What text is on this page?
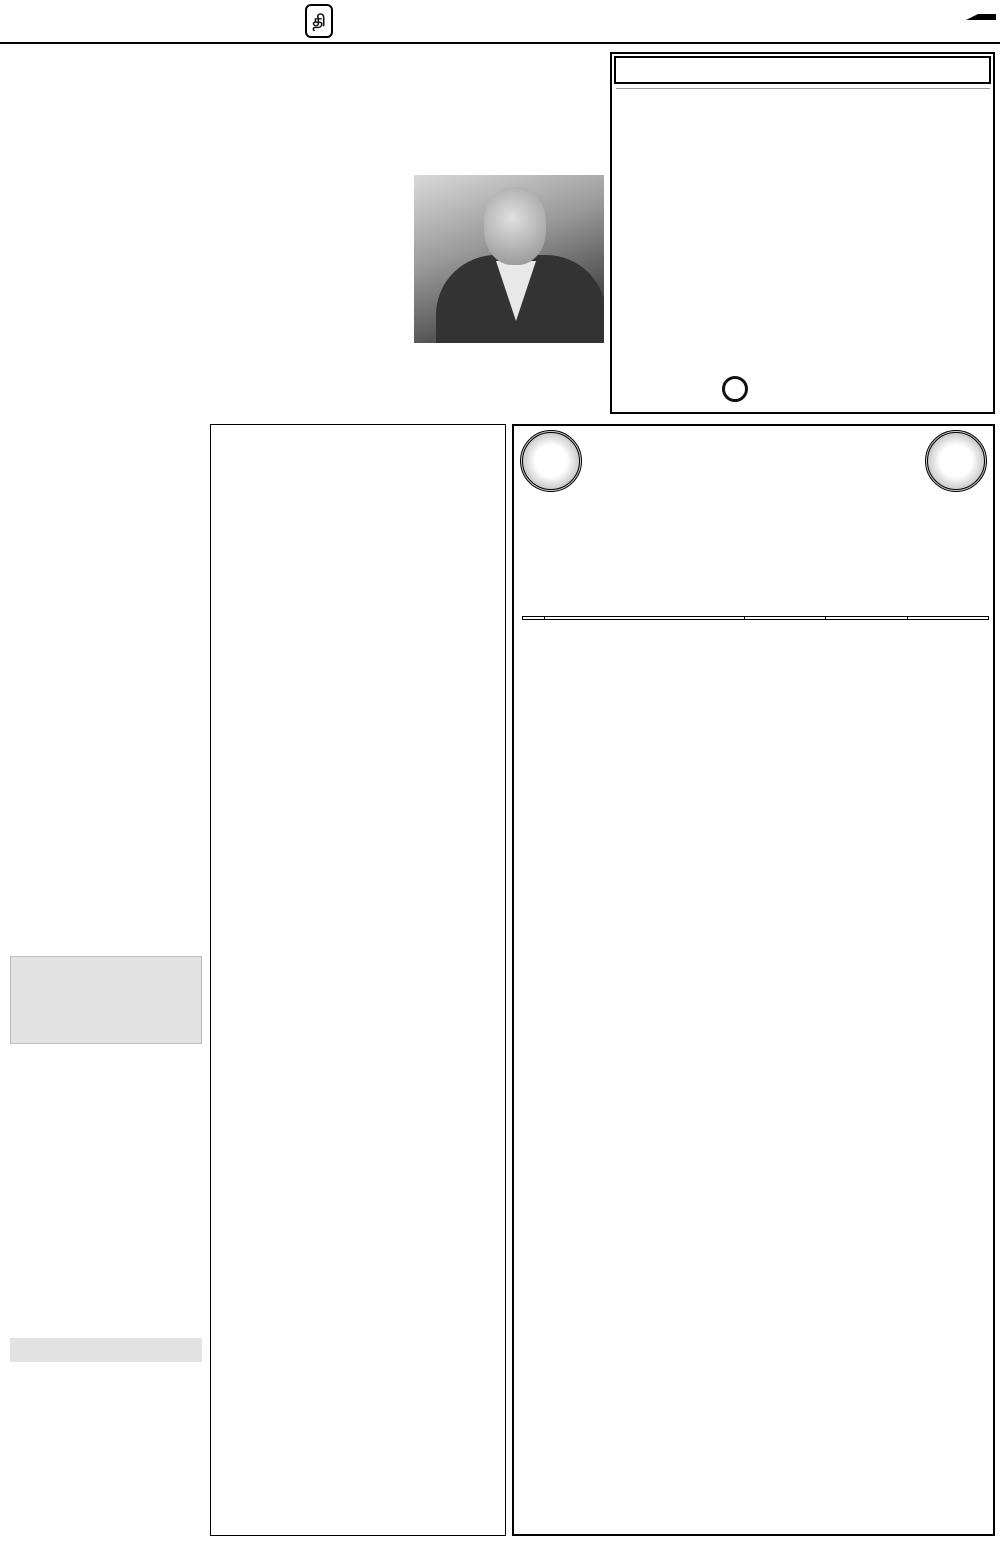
தி
